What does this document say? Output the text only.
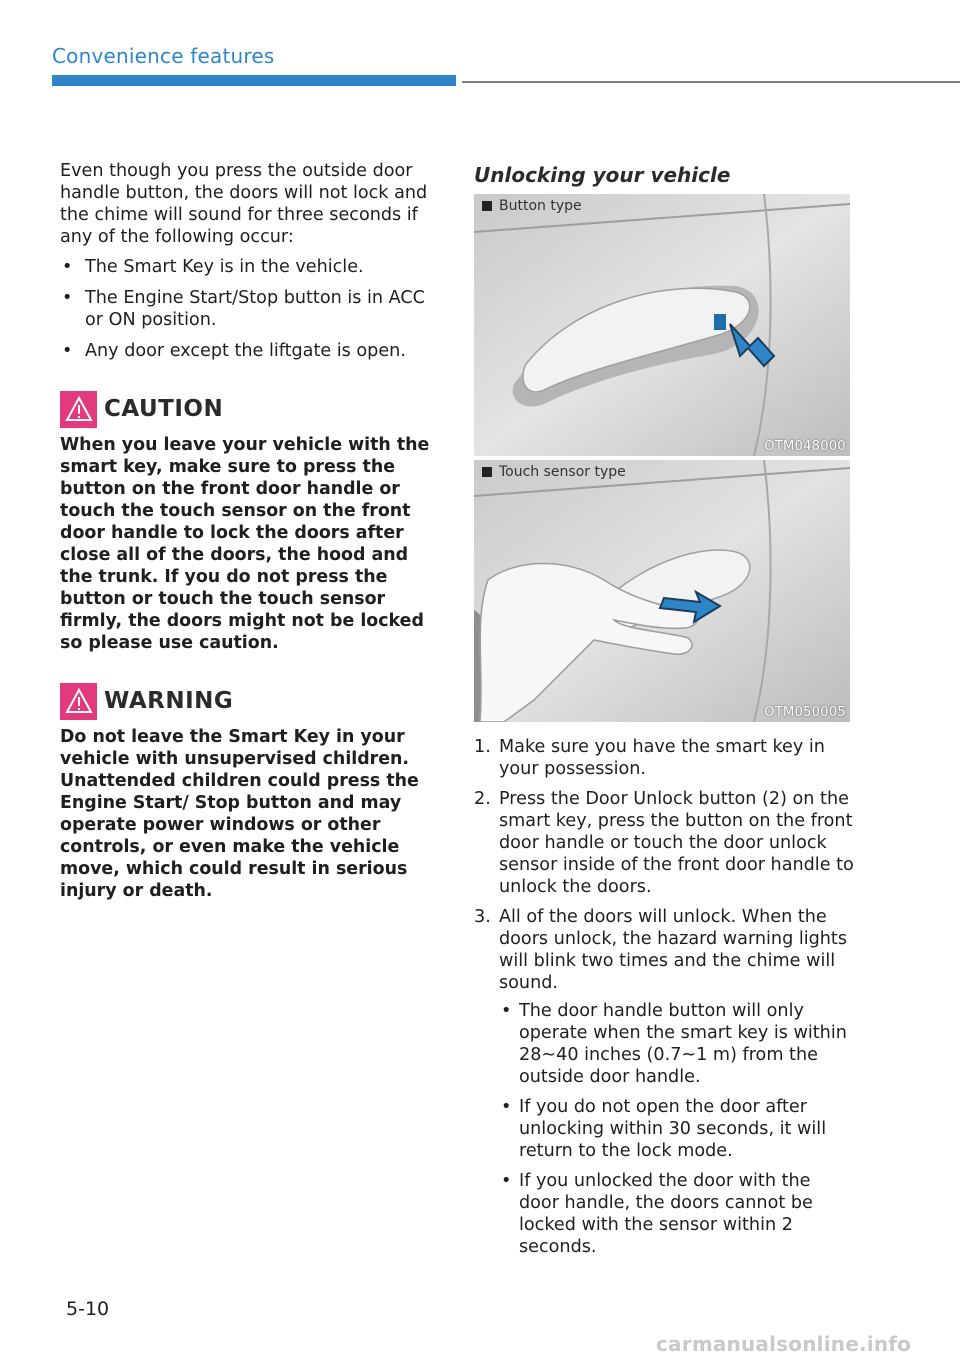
Convenience features

Even though you press the outside door handle button, the doors will not lock and the chime will sound for three seconds if any of the following occur:

• The Smart Key is in the vehicle.
• The Engine Start/Stop button is in ACC or ON position.
• Any door except the liftgate is open.
CAUTION

When you leave your vehicle with the smart key, make sure to press the button on the front door handle or touch the touch sensor on the front door handle to lock the doors after close all of the doors, the hood and the trunk. If you do not press the button or touch the touch sensor firmly, the doors might not be locked so please use caution.

WARNING

Do not leave the Smart Key in your vehicle with unsupervised children. Unattended children could press the Engine Start/ Stop button and may operate power windows or other controls, or even make the vehicle move, which could result in serious injury or death.

Unlocking your vehicle
Button type
OTM048000
Touch sensor type
OTM050005
1. Make sure you have the smart key in your possession.
2. Press the Door Unlock button (2) on the smart key, press the button on the front door handle or touch the door unlock sensor inside of the front door handle to unlock the doors.
3. All of the doors will unlock. When the doors unlock, the hazard warning lights will blink two times and the chime will sound.
• The door handle button will only operate when the smart key is within 28~40 inches (0.7~1 m) from the outside door handle.
• If you do not open the door after unlocking within 30 seconds, it will return to the lock mode.
• If you unlocked the door with the door handle, the doors cannot be locked with the sensor within 2 seconds.
5-10
carmanualsonline.info
